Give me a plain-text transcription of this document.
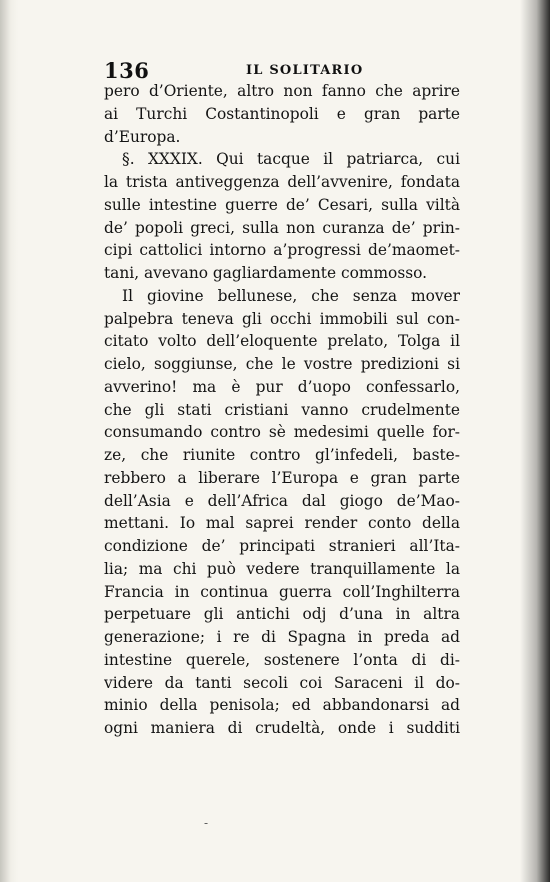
136	IL SOLITARIO
pero d’Oriente, altro non fanno che aprire
ai Turchi Costantinopoli e gran parte
d’Europa.
§. XXXIX. Qui tacque il patriarca, cui
la trista antiveggenza dell’avvenire, fondata
sulle intestine guerre de’ Cesari, sulla viltà
de’ popoli greci, sulla non curanza de’ prin-
cipi cattolici intorno a’progressi de’maomet-
tani, avevano gagliardamente commosso.
Il giovine bellunese, che senza mover
palpebra teneva gli occhi immobili sul con-
citato volto dell’eloquente prelato, Tolga il
cielo, soggiunse, che le vostre predizioni si
avverino! ma è pur d’uopo confessarlo,
che gli stati cristiani vanno crudelmente
consumando contro sè medesimi quelle for-
ze, che riunite contro gl’infedeli, baste-
rebbero a liberare l’Europa e gran parte
dell’Asia e dell’Africa dal giogo de’Mao-
mettani. Io mal saprei render conto della
condizione de’ principati stranieri all’Ita-
lia; ma chi può vedere tranquillamente la
Francia in continua guerra coll’Inghilterra
perpetuare gli antichi odj d’una in altra
generazione; i re di Spagna in preda ad
intestine querele, sostenere l’onta di di-
videre da tanti secoli coi Saraceni il do-
minio della penisola; ed abbandonarsi ad
ogni maniera di crudeltà, onde i sudditi
-
